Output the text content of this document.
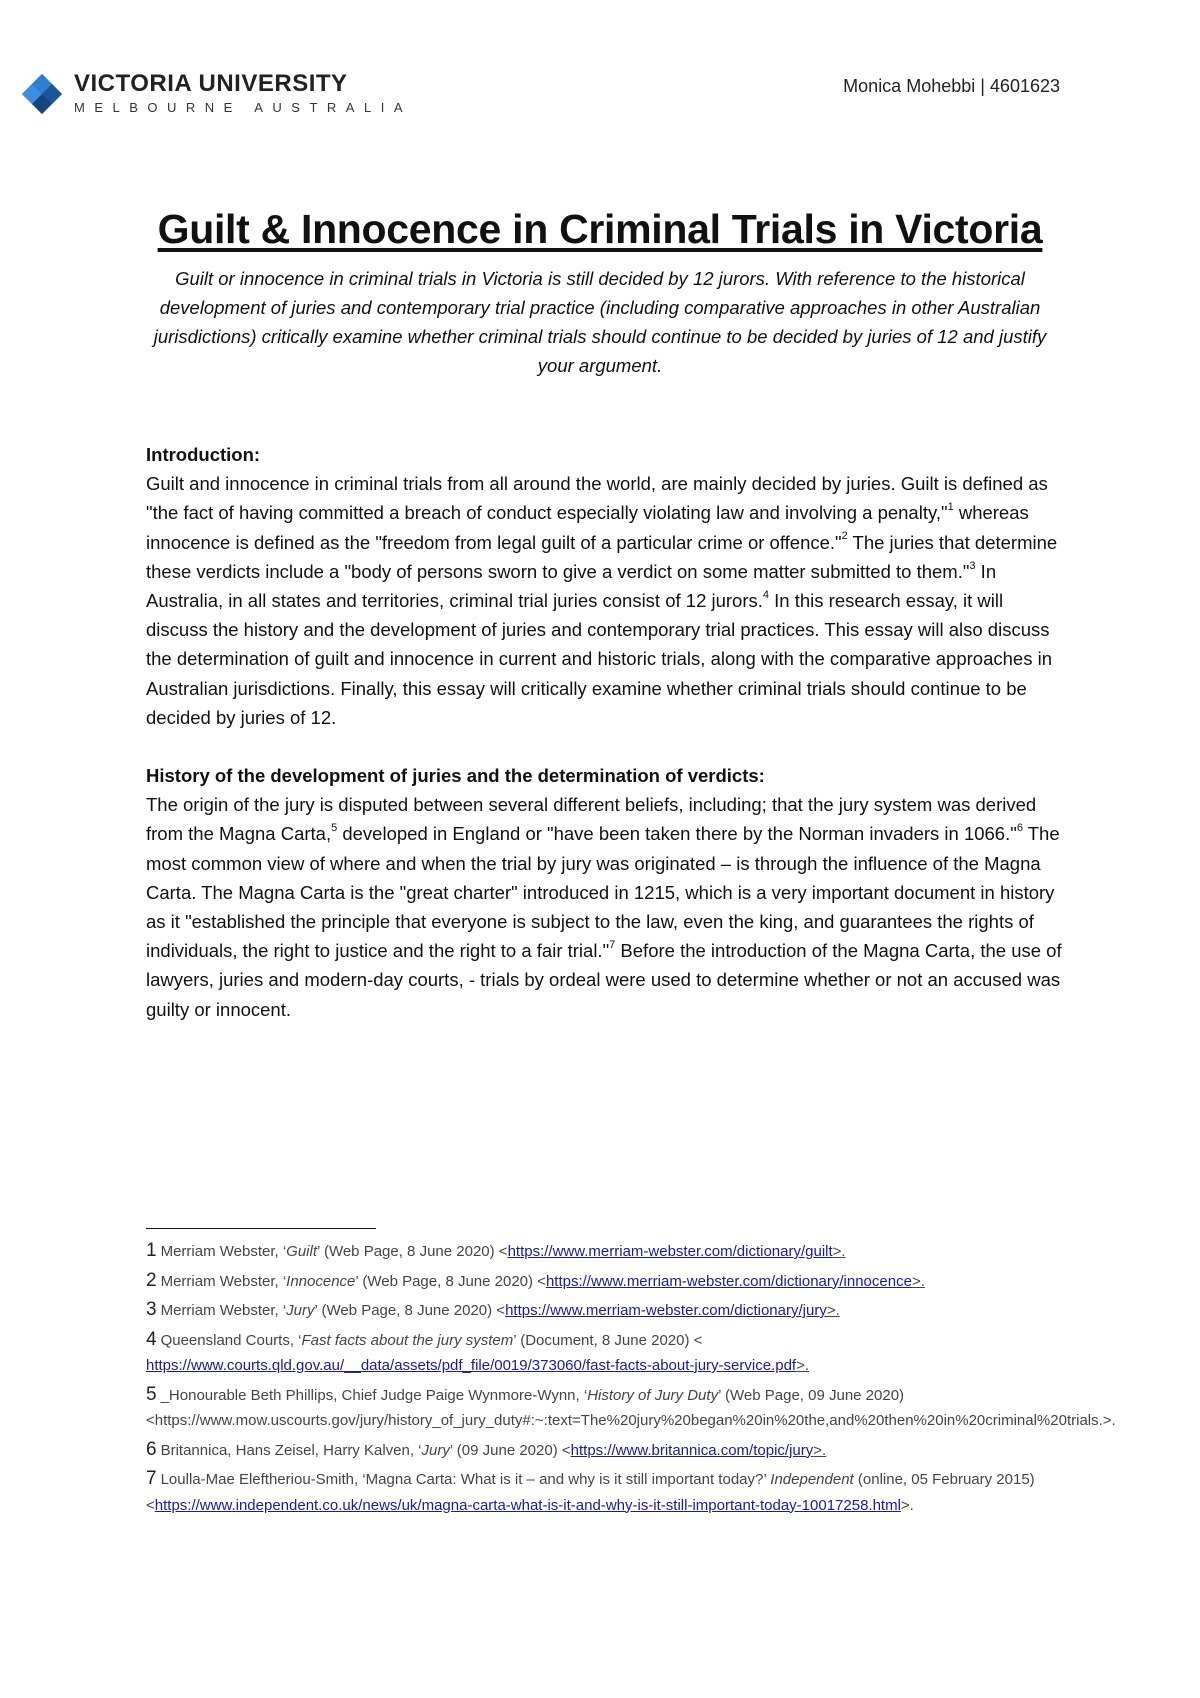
VICTORIA UNIVERSITY
MELBOURNE AUSTRALIA
Monica Mohebbi | 4601623
Guilt & Innocence in Criminal Trials in Victoria
Guilt or innocence in criminal trials in Victoria is still decided by 12 jurors. With reference to the historical development of juries and contemporary trial practice (including comparative approaches in other Australian jurisdictions) critically examine whether criminal trials should continue to be decided by juries of 12 and justify your argument.
Introduction:

Guilt and innocence in criminal trials from all around the world, are mainly decided by juries. Guilt is defined as "the fact of having committed a breach of conduct especially violating law and involving a penalty,"$^1$ whereas innocence is defined as the "freedom from legal guilt of a particular crime or offence."$^2$ The juries that determine these verdicts include a "body of persons sworn to give a verdict on some matter submitted to them."$^3$ In Australia, in all states and territories, criminal trial juries consist of 12 jurors.$^4$ In this research essay, it will discuss the history and the development of juries and contemporary trial practices. This essay will also discuss the determination of guilt and innocence in current and historic trials, along with the comparative approaches in Australian jurisdictions. Finally, this essay will critically examine whether criminal trials should continue to be decided by juries of 12.

History of the development of juries and the determination of verdicts:

The origin of the jury is disputed between several different beliefs, including; that the jury system was derived from the Magna Carta,$^5$ developed in England or "have been taken there by the Norman invaders in 1066."$^6$ The most common view of where and when the trial by jury was originated – is through the influence of the Magna Carta. The Magna Carta is the "great charter" introduced in 1215, which is a very important document in history as it "established the principle that everyone is subject to the law, even the king, and guarantees the rights of individuals, the right to justice and the right to a fair trial."$^7$ Before the introduction of the Magna Carta, the use of lawyers, juries and modern-day courts, - trials by ordeal were used to determine whether or not an accused was guilty or innocent.

1 Merriam Webster, ‘Guilt’ (Web Page, 8 June 2020) <https://www.merriam-webster.com/dictionary/guilt>.
2 Merriam Webster, ‘Innocence’ (Web Page, 8 June 2020) <https://www.merriam-webster.com/dictionary/innocence>.
3 Merriam Webster, ‘Jury’ (Web Page, 8 June 2020) <https://www.merriam-webster.com/dictionary/jury>.
4 Queensland Courts, ‘Fast facts about the jury system’ (Document, 8 June 2020) <
https://www.courts.qld.gov.au/__data/assets/pdf_file/0019/373060/fast-facts-about-jury-service.pdf>.
5 _Honourable Beth Phillips, Chief Judge Paige Wynmore-Wynn, ‘History of Jury Duty’ (Web Page, 09 June 2020) <https://www.mow.uscourts.gov/jury/history_of_jury_duty#:~:text=The%20jury%20began%20in%20the,and%20then%20in%20criminal%20trials.>.
6 Britannica, Hans Zeisel, Harry Kalven, ‘Jury’ (09 June 2020) <https://www.britannica.com/topic/jury>.
7 Loulla-Mae Eleftheriou-Smith, ‘Magna Carta: What is it – and why is it still important today?’ Independent (online, 05 February 2015) <https://www.independent.co.uk/news/uk/magna-carta-what-is-it-and-why-is-it-still-important-today-10017258.html>.
